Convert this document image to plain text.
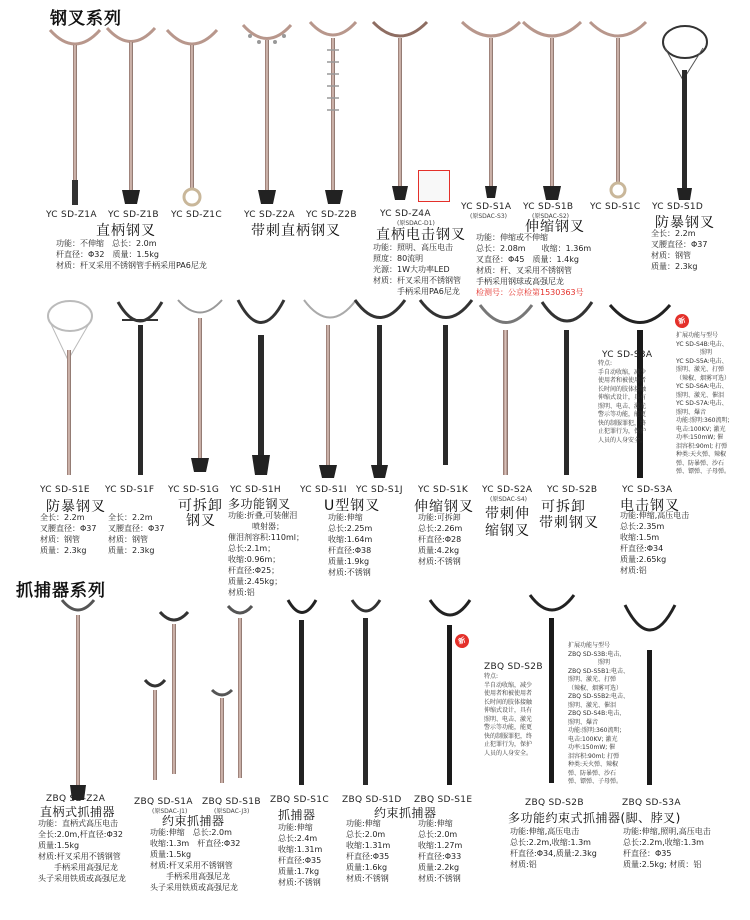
钢叉系列
抓捕器系列
YC SD-Z1A YC SD-Z1B YC SD-Z1C YC SD-Z2A YC SD-Z2B	YC SD-Z4A
(原SDAC-D1)
YC SD-S1A
(原SDAC-S3)
YC SD-S1B
(原SDAC-S2)
YC SD-S1C YC SD-S1D
直柄钢叉	带刺直柄钢叉	直柄电击钢叉	伸缩钢叉	防暴钢叉
功能：不伸缩　总长：2.0m
杆直径：Φ32　质量：1.5kg
材质：杆叉采用不锈钢管手柄采用PA6尼龙
功能：照明、高压电击
照度：80流明
光源：1W大功率LED
材质：杆叉采用不锈钢管
　　　手柄采用PA6尼龙
功能：伸缩或不伸缩
总长：2.08m　　收缩：1.36m
叉直径：Φ45　质量：1.4kg
材质：杆、叉采用不锈钢管
手柄采用钢球或高强尼龙
检测号：公京检第1530363号
全长：2.2m
叉腰直径：Φ37
材质：钢管
质量：2.3kg
YC SD-S1E YC SD-S1F YC SD-S1G YC SD-S1H YC SD-S1I YC SD-S1J YC SD-S1K YC SD-S2A
(原SDAC-S4)
YC SD-S2B	YC SD-S3A
防暴钢叉	可拆卸
钢叉
多功能钢叉 U型钢叉 伸缩钢叉 带刺伸
缩钢叉
可拆卸
带刺钢叉
电击钢叉
全长：2.2m
叉腰直径：Φ37
材质：钢管
质量：2.3kg
全长：2.2m
叉腰直径：Φ37
材质：钢管
质量：2.3kg
功能:折叠,可装催泪
　　　喷射器；
催泪剂容积:110ml；
总长:2.1m；
收缩:0.96m；
杆直径:Φ25；
质量:2.45kg；
材质:铝
功能:伸缩
总长:2.25m
收缩:1.64m
杆直径:Φ38
质量:1.9kg
材质:不锈钢
功能:可拆卸
总长:2.26m
杆直径:Φ28
质量:4.2kg
材质:不锈钢
功能:伸缩,高压电击
总长:2.35m
收缩:1.5m
杆直径:Φ34
质量:2.65kg
材质:铝
YC SD-S3A
特点:
手自动收缩，减少
使用者和被使用者
长时间的肢体接触
伸缩式设计，具有
照明、电击、激光
警示等功能，能更
快的制服罪犯，终
止犯罪行为，保护
人员的人身安全。
扩展功能与型号
YC SD-S4B:电击、
　　　　照明
YC SD-S5A:电击、
照明、激光、打弹
（辣椒、烟雾可选）
YC SD-S6A:电击、
照明、激光、催泪
YC SD-S7A:电击、
照明、爆音
功能:照明:360流明;
电击:100KV; 激光
功率:150mW; 催
泪容积:90ml; 打弹
种类:天火弹、辣椒
弹、防暴弹、沙石
弹、镖弹、子母弹。
新
ZBQ SD-Z2A	ZBQ SD-S1A
(原SDAC-J1)
ZBQ SD-S1B
(原SDAC-J3)
ZBQ SD-S1C ZBQ SD-S1D ZBQ SD-S1E	ZBQ SD-S2B	ZBQ SD-S3A
直柄式抓捕器
约束抓捕器	抓捕器	约束抓捕器	多功能约束式抓捕器(脚、脖叉)
功能：直柄式高压电击
全长:2.0m,杆直径:Φ32
质量:1.5kg
材质:杆叉采用不锈钢管
　　手柄采用高强尼龙
头子采用铁质或高强尼龙
功能:伸缩　总长:2.0m
收缩:1.3m　杆直径:Φ32
质量:1.5kg
材质:杆叉采用不锈钢管
　　手柄采用高强尼龙
头子采用铁质或高强尼龙
功能:伸缩
总长:2.4m
收缩:1.31m
杆直径:Φ35
质量:1.7kg
材质:不锈钢
功能:伸缩
总长:2.0m
收缩:1.31m
杆直径:Φ35
质量:1.6kg
材质:不锈钢
功能:伸缩
总长:2.0m
收缩:1.27m
杆直径:Φ33
质量:2.2kg
材质:不锈钢
功能:伸缩,高压电击
总长:2.2m,收缩:1.3m
杆直径:Φ34,质量:2.3kg
材质:铝
功能:伸缩,照明,高压电击
总长:2.2m,收缩:1.3m
杆直径：Φ35
质量:2.5kg; 材质：铝
ZBQ SD-S2B
特点:
半自动收缩，减少
使用者和被使用者
长时间的肢体接触
伸缩式设计，具有
照明、电击、激光
警示等功能，能更
快的制服罪犯，终
止犯罪行为，保护
人员的人身安全。
扩展功能与型号
ZBQ SD-S3B:电击、
　　　　　照明
ZBQ SD-S5B1:电击、
照明、激光、打弹
（辣椒、烟雾可选）
ZBQ SD-S5B2:电击、
照明、激光、催泪
ZBQ SD-S4B:电击、
照明、爆音
功能:照明:360流明;
电击:100KV; 激光
功率:150mW; 催
泪容积:90ml; 打弹
种类:天火弹、辣椒
弹、防暴弹、沙石
弹、镖弹、子母弹。
新
